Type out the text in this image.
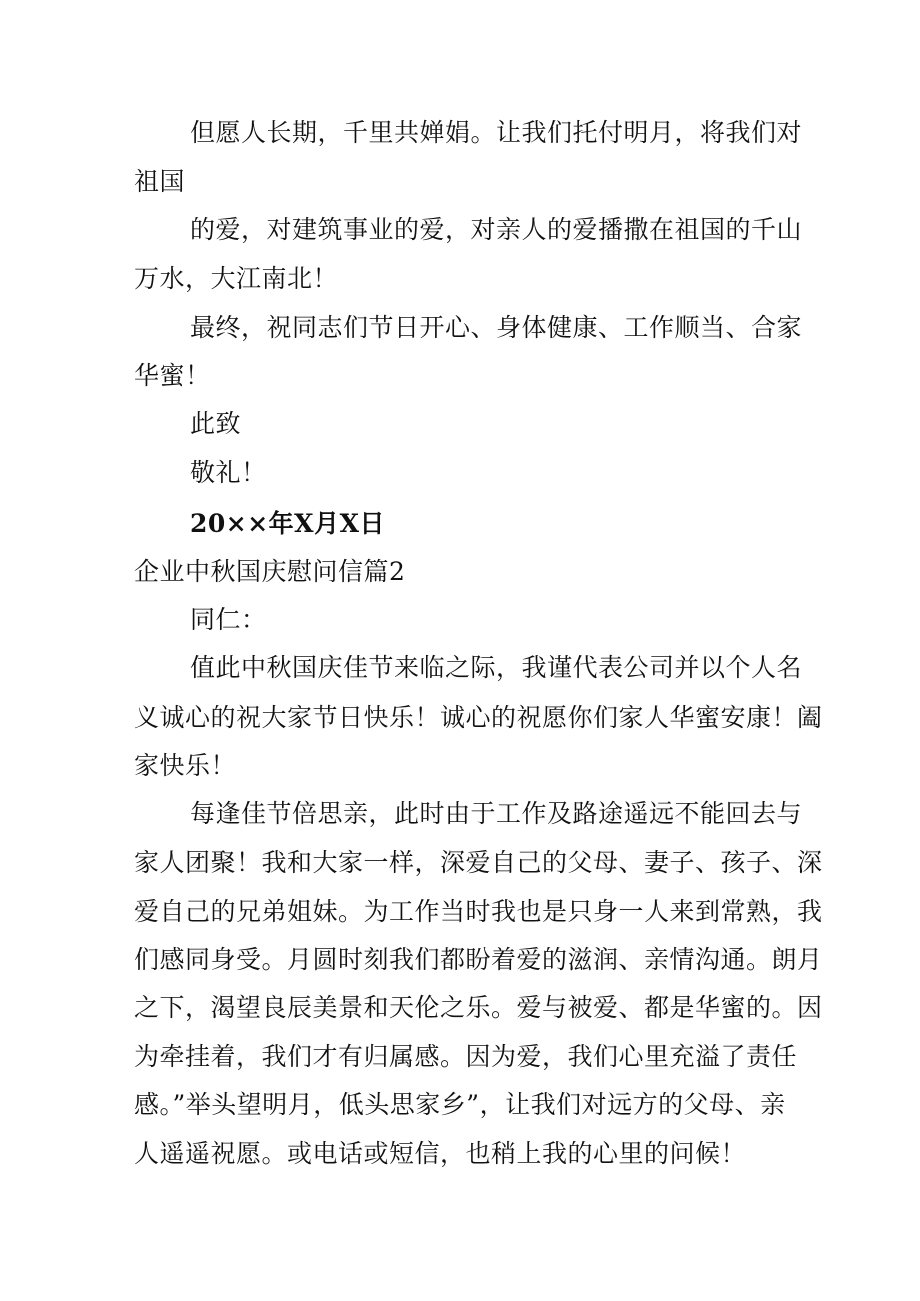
但愿人长期，千里共婵娟。让我们托付明月，将我们对
祖国
的爱，对建筑事业的爱，对亲人的爱播撒在祖国的千山
万水，大江南北！
最终，祝同志们节日开心、身体健康、工作顺当、合家
华蜜！
此致
敬礼！
20××年X月X日
企业中秋国庆慰问信篇2
同仁：
值此中秋国庆佳节来临之际，我谨代表公司并以个人名
义诚心的祝大家节日快乐！诚心的祝愿你们家人华蜜安康！阖
家快乐！
每逢佳节倍思亲，此时由于工作及路途遥远不能回去与
家人团聚！我和大家一样，深爱自己的父母、妻子、孩子、深
爱自己的兄弟姐妹。为工作当时我也是只身一人来到常熟，我
们感同身受。月圆时刻我们都盼着爱的滋润、亲情沟通。朗月
之下，渴望良辰美景和天伦之乐。爱与被爱、都是华蜜的。因
为牵挂着，我们才有归属感。因为爱，我们心里充溢了责任
感。”举头望明月，低头思家乡”，让我们对远方的父母、亲
人遥遥祝愿。或电话或短信，也稍上我的心里的问候！
